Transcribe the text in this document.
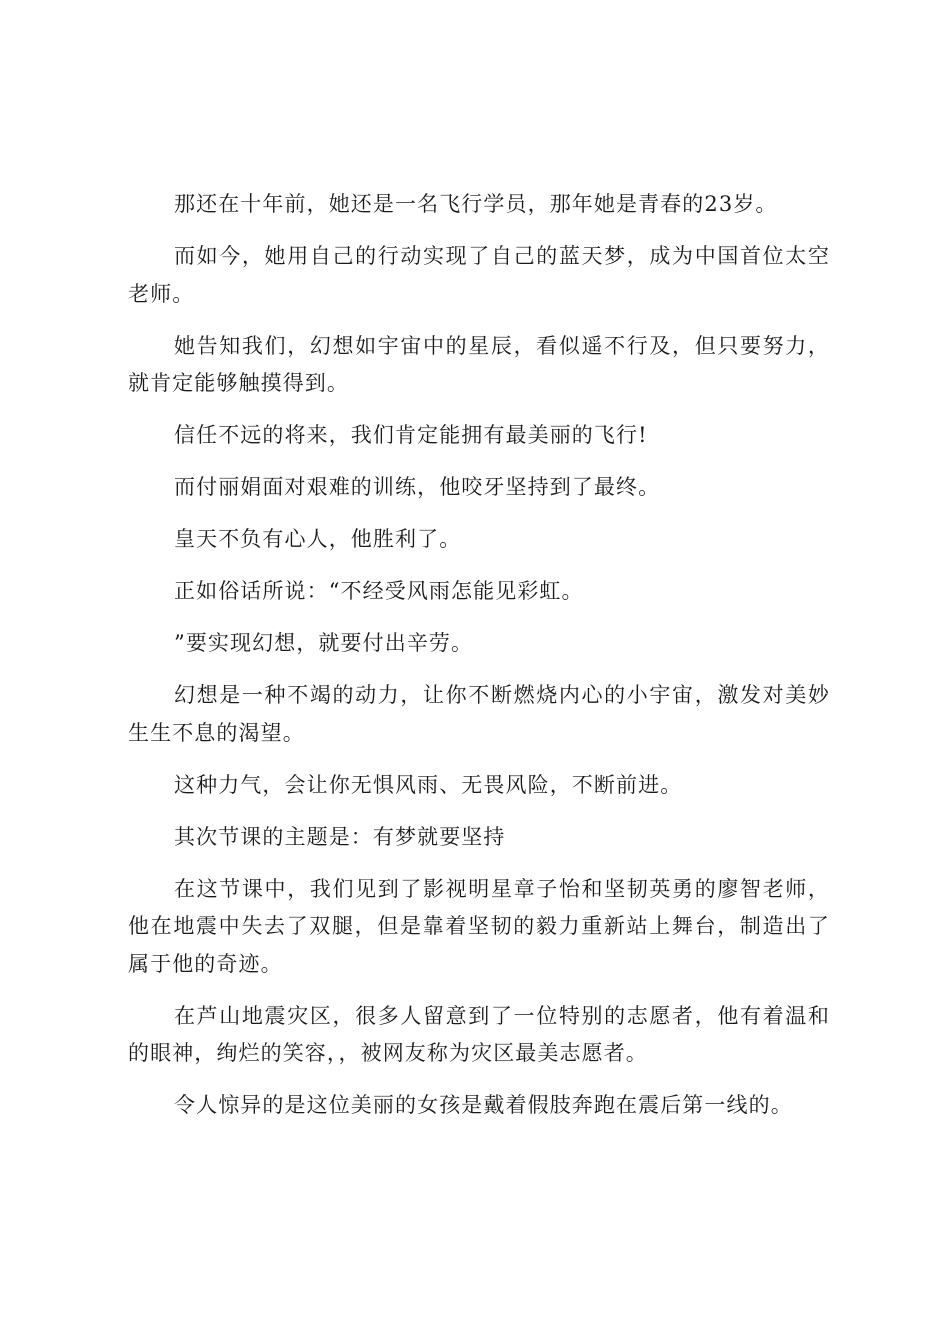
那还在十年前，她还是一名飞行学员，那年她是青春的23岁。

而如今，她用自己的行动实现了自己的蓝天梦，成为中国首位太空老师。

她告知我们，幻想如宇宙中的星辰，看似遥不行及，但只要努力，就肯定能够触摸得到。

信任不远的将来，我们肯定能拥有最美丽的飞行!

而付丽娟面对艰难的训练，他咬牙坚持到了最终。

皇天不负有心人，他胜利了。

正如俗话所说：“不经受风雨怎能见彩虹。

”要实现幻想，就要付出辛劳。

幻想是一种不竭的动力，让你不断燃烧内心的小宇宙，激发对美妙生生不息的渴望。

这种力气，会让你无惧风雨、无畏风险，不断前进。

其次节课的主题是：有梦就要坚持

在这节课中，我们见到了影视明星章子怡和坚韧英勇的廖智老师，他在地震中失去了双腿，但是靠着坚韧的毅力重新站上舞台，制造出了属于他的奇迹。

在芦山地震灾区，很多人留意到了一位特别的志愿者，他有着温和的眼神，绚烂的笑容，，被网友称为灾区最美志愿者。

令人惊异的是这位美丽的女孩是戴着假肢奔跑在震后第一线的。
